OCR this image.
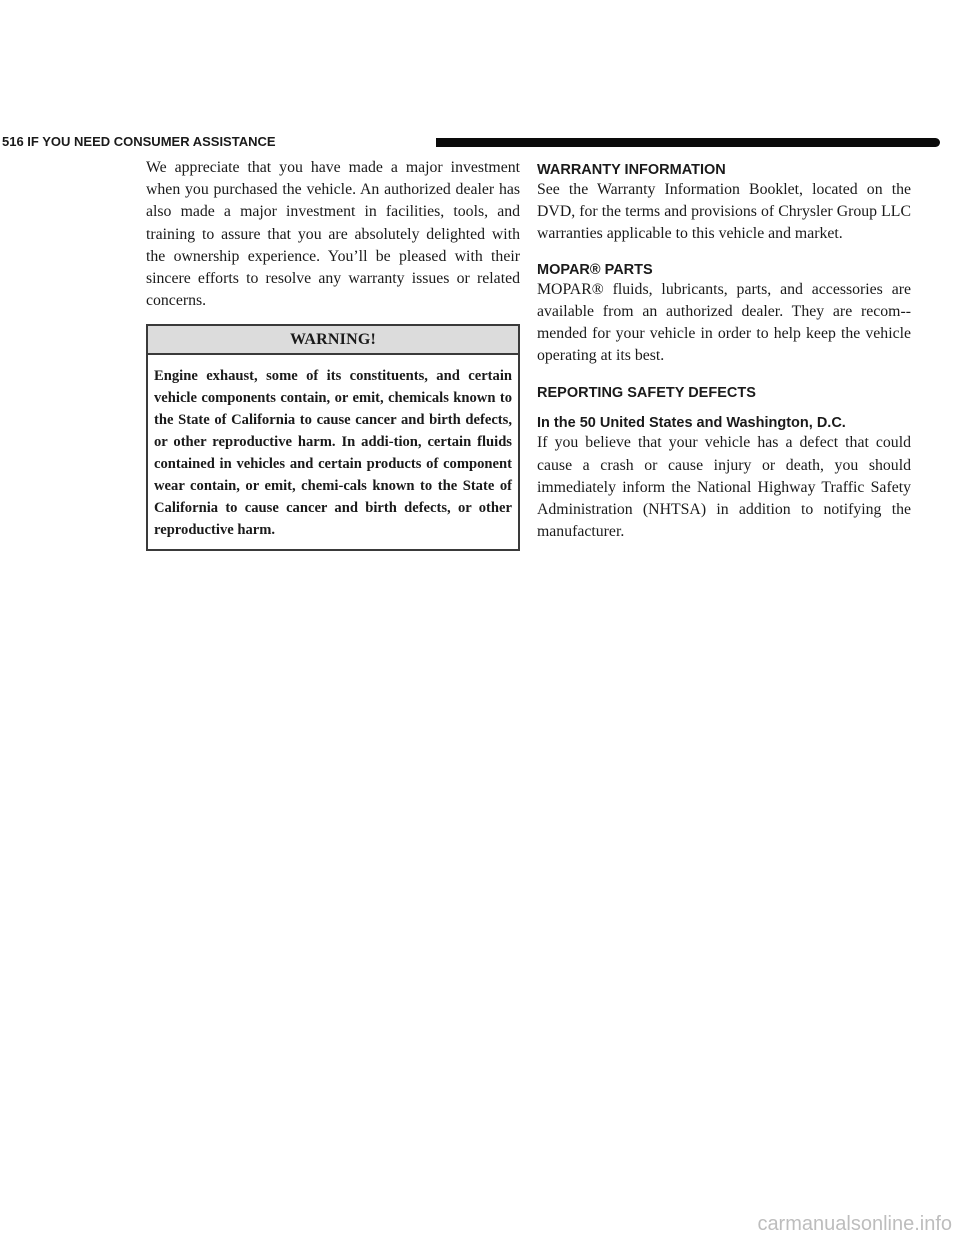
516 IF YOU NEED CONSUMER ASSISTANCE

We appreciate that you have made a major investment when you purchased the vehicle. An authorized dealer has also made a major investment in facilities, tools, and training to assure that you are absolutely delighted with the ownership experience. You’ll be pleased with their sincere efforts to resolve any warranty issues or related concerns.

WARNING!
Engine exhaust, some of its constituents, and certain vehicle components contain, or emit, chemicals known to the State of California to cause cancer and birth defects, or other reproductive harm. In addi-tion, certain fluids contained in vehicles and certain products of component wear contain, or emit, chemi-cals known to the State of California to cause cancer and birth defects, or other reproductive harm.
WARRANTY INFORMATION

See the Warranty Information Booklet, located on the DVD, for the terms and provisions of Chrysler Group LLC warranties applicable to this vehicle and market.

MOPAR® PARTS

MOPAR® fluids, lubricants, parts, and accessories are available from an authorized dealer. They are recom-mended for your vehicle in order to help keep the vehicle operating at its best.

REPORTING SAFETY DEFECTS
In the 50 United States and Washington, D.C.

If you believe that your vehicle has a defect that could cause a crash or cause injury or death, you should immediately inform the National Highway Traffic Safety Administration (NHTSA) in addition to notifying the manufacturer.

carmanualsonline.info
